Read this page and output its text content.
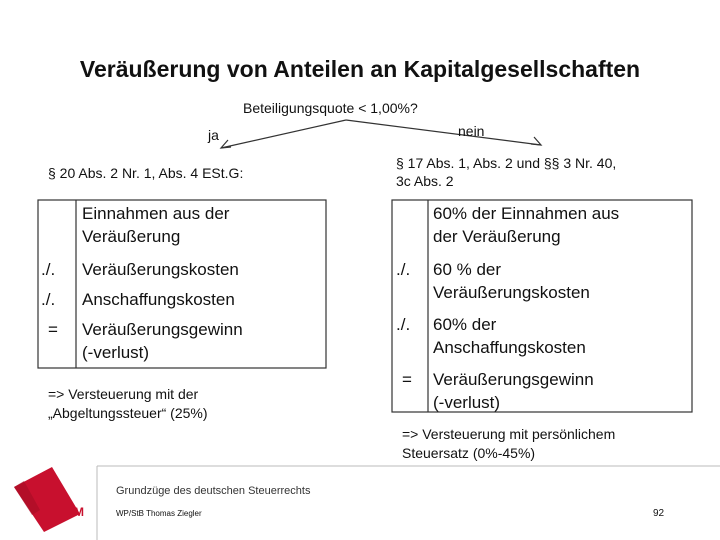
Veräußerung von Anteilen an Kapitalgesellschaften
Beteiligungsquote < 1,00%?
ja	nein
§ 20 Abs. 2 Nr. 1, Abs. 4 ESt.G:
Einnahmen aus der
Veräußerung
./. Veräußerungskosten
./. Anschaffungskosten
= Veräußerungsgewinn
(-verlust)
=> Versteuerung mit der
„Abgeltungssteuer“ (25%)
§ 17 Abs. 1, Abs. 2 und §§ 3 Nr. 40,
3c Abs. 2
60% der Einnahmen aus
der Veräußerung
./. 60 % der
Veräußerungskosten
./. 60% der
Anschaffungskosten
= Veräußerungsgewinn
(-verlust)
=> Versteuerung mit persönlichem
Steuersatz (0%-45%)
M
Grundzüge des deutschen Steuerrechts
WP/StB Thomas Ziegler	92
